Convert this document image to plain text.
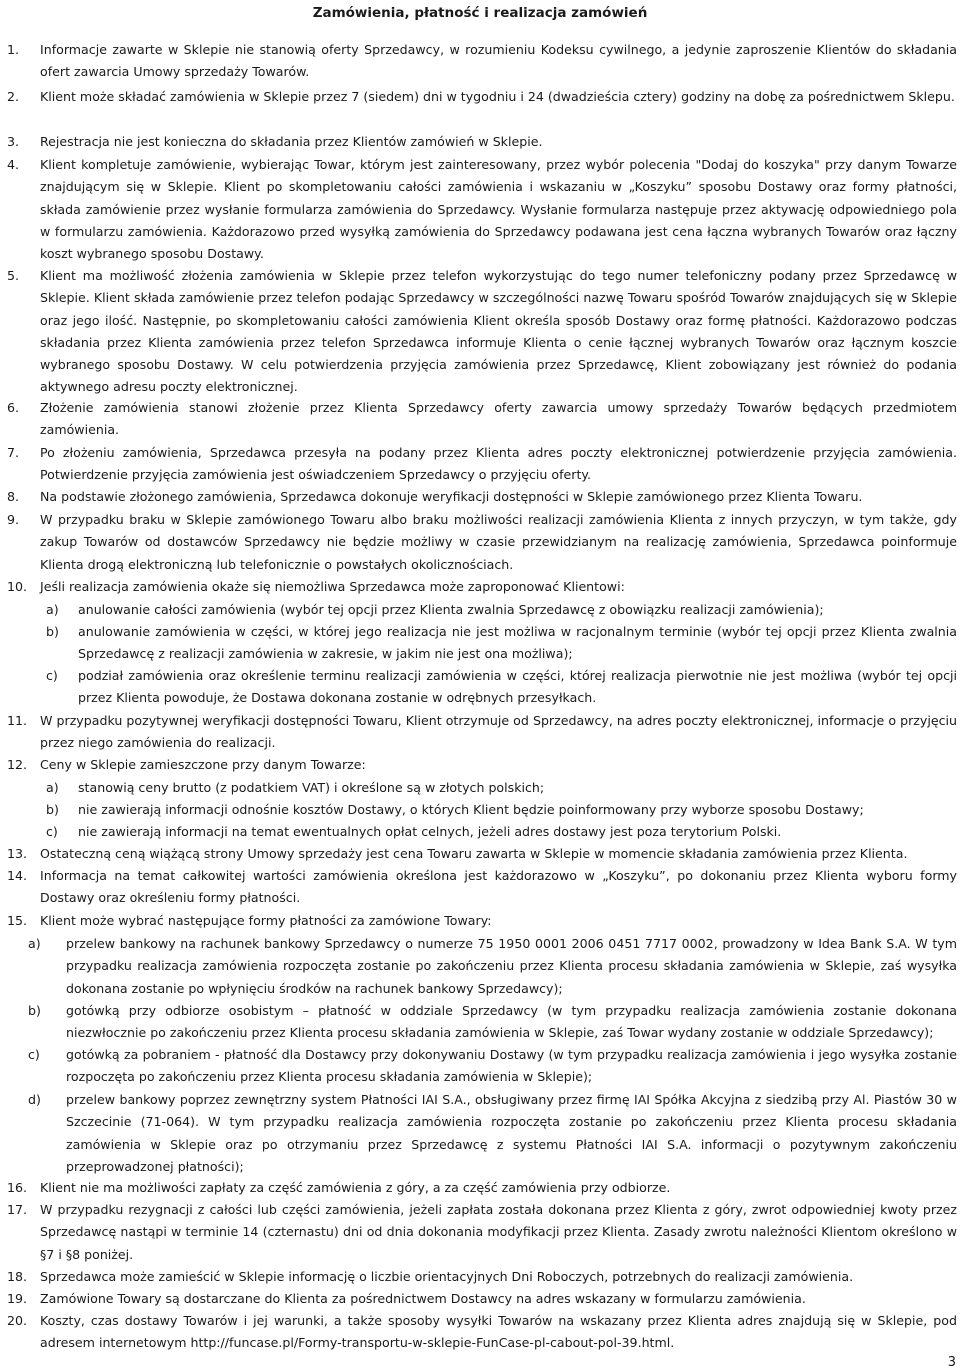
Zamówienia, płatność i realizacja zamówień
1. Informacje zawarte w Sklepie nie stanowią oferty Sprzedawcy, w rozumieniu Kodeksu cywilnego, a jedynie zaproszenie Klientów do składania ofert zawarcia Umowy sprzedaży Towarów.
2. Klient może składać zamówienia w Sklepie przez 7 (siedem) dni w tygodniu i 24 (dwadzieścia cztery) godziny na dobę za pośrednictwem Sklepu.
3. Rejestracja nie jest konieczna do składania przez Klientów zamówień w Sklepie.
4. Klient kompletuje zamówienie, wybierając Towar, którym jest zainteresowany, przez wybór polecenia "Dodaj do koszyka" przy danym Towarze znajdującym się w Sklepie. Klient po skompletowaniu całości zamówienia i wskazaniu w „Koszyku” sposobu Dostawy oraz formy płatności, składa zamówienie przez wysłanie formularza zamówienia do Sprzedawcy. Wysłanie formularza następuje przez aktywację odpowiedniego pola w formularzu zamówienia. Każdorazowo przed wysyłką zamówienia do Sprzedawcy podawana jest cena łączna wybranych Towarów oraz łączny koszt wybranego sposobu Dostawy.
5. Klient ma możliwość złożenia zamówienia w Sklepie przez telefon wykorzystując do tego numer telefoniczny podany przez Sprzedawcę w Sklepie. Klient składa zamówienie przez telefon podając Sprzedawcy w szczególności nazwę Towaru spośród Towarów znajdujących się w Sklepie oraz jego ilość. Następnie, po skompletowaniu całości zamówienia Klient określa sposób Dostawy oraz formę płatności. Każdorazowo podczas składania przez Klienta zamówienia przez telefon Sprzedawca informuje Klienta o cenie łącznej wybranych Towarów oraz łącznym koszcie wybranego sposobu Dostawy. W celu potwierdzenia przyjęcia zamówienia przez Sprzedawcę, Klient zobowiązany jest również do podania aktywnego adresu poczty elektronicznej.
6. Złożenie zamówienia stanowi złożenie przez Klienta Sprzedawcy oferty zawarcia umowy sprzedaży Towarów będących przedmiotem zamówienia.
7. Po złożeniu zamówienia, Sprzedawca przesyła na podany przez Klienta adres poczty elektronicznej potwierdzenie przyjęcia zamówienia. Potwierdzenie przyjęcia zamówienia jest oświadczeniem Sprzedawcy o przyjęciu oferty.
8. Na podstawie złożonego zamówienia, Sprzedawca dokonuje weryfikacji dostępności w Sklepie zamówionego przez Klienta Towaru.
9. W przypadku braku w Sklepie zamówionego Towaru albo braku możliwości realizacji zamówienia Klienta z innych przyczyn, w tym także, gdy zakup Towarów od dostawców Sprzedawcy nie będzie możliwy w czasie przewidzianym na realizację zamówienia, Sprzedawca poinformuje Klienta drogą elektroniczną lub telefonicznie o powstałych okolicznościach.
10. Jeśli realizacja zamówienia okaże się niemożliwa Sprzedawca może zaproponować Klientowi:
a) anulowanie całości zamówienia (wybór tej opcji przez Klienta zwalnia Sprzedawcę z obowiązku realizacji zamówienia);
b) anulowanie zamówienia w części, w której jego realizacja nie jest możliwa w racjonalnym terminie (wybór tej opcji przez Klienta zwalnia Sprzedawcę z realizacji zamówienia w zakresie, w jakim nie jest ona możliwa);
c) podział zamówienia oraz określenie terminu realizacji zamówienia w części, której realizacja pierwotnie nie jest możliwa (wybór tej opcji przez Klienta powoduje, że Dostawa dokonana zostanie w odrębnych przesyłkach.
11. W przypadku pozytywnej weryfikacji dostępności Towaru, Klient otrzymuje od Sprzedawcy, na adres poczty elektronicznej, informacje o przyjęciu przez niego zamówienia do realizacji.
12. Ceny w Sklepie zamieszczone przy danym Towarze:
a) stanowią ceny brutto (z podatkiem VAT) i określone są w złotych polskich;
b) nie zawierają informacji odnośnie kosztów Dostawy, o których Klient będzie poinformowany przy wyborze sposobu Dostawy;
c) nie zawierają informacji na temat ewentualnych opłat celnych, jeżeli adres dostawy jest poza terytorium Polski.
13. Ostateczną ceną wiążącą strony Umowy sprzedaży jest cena Towaru zawarta w Sklepie w momencie składania zamówienia przez Klienta.
14. Informacja na temat całkowitej wartości zamówienia określona jest każdorazowo w „Koszyku”, po dokonaniu przez Klienta wyboru formy Dostawy oraz określeniu formy płatności.
15. Klient może wybrać następujące formy płatności za zamówione Towary:
a) przelew bankowy na rachunek bankowy Sprzedawcy o numerze 75 1950 0001 2006 0451 7717 0002, prowadzony w Idea Bank S.A. W tym przypadku realizacja zamówienia rozpoczęta zostanie po zakończeniu przez Klienta procesu składania zamówienia w Sklepie, zaś wysyłka dokonana zostanie po wpłynięciu środków na rachunek bankowy Sprzedawcy);
b) gotówką przy odbiorze osobistym – płatność w oddziale Sprzedawcy (w tym przypadku realizacja zamówienia zostanie dokonana niezwłocznie po zakończeniu przez Klienta procesu składania zamówienia w Sklepie, zaś Towar wydany zostanie w oddziale Sprzedawcy);
c) gotówką za pobraniem - płatność dla Dostawcy przy dokonywaniu Dostawy (w tym przypadku realizacja zamówienia i jego wysyłka zostanie rozpoczęta po zakończeniu przez Klienta procesu składania zamówienia w Sklepie);
d) przelew bankowy poprzez zewnętrzny system Płatności IAI S.A., obsługiwany przez firmę IAI Spółka Akcyjna z siedzibą przy Al. Piastów 30 w Szczecinie (71-064). W tym przypadku realizacja zamówienia rozpoczęta zostanie po zakończeniu przez Klienta procesu składania zamówienia w Sklepie oraz po otrzymaniu przez Sprzedawcę z systemu Płatności IAI S.A. informacji o pozytywnym zakończeniu przeprowadzonej płatności);
16. Klient nie ma możliwości zapłaty za część zamówienia z góry, a za część zamówienia przy odbiorze.
17. W przypadku rezygnacji z całości lub części zamówienia, jeżeli zapłata została dokonana przez Klienta z góry, zwrot odpowiedniej kwoty przez Sprzedawcę nastąpi w terminie 14 (czternastu) dni od dnia dokonania modyfikacji przez Klienta. Zasady zwrotu należności Klientom określono w §7 i §8 poniżej.
18. Sprzedawca może zamieścić w Sklepie informację o liczbie orientacyjnych Dni Roboczych, potrzebnych do realizacji zamówienia.
19. Zamówione Towary są dostarczane do Klienta za pośrednictwem Dostawcy na adres wskazany w formularzu zamówienia.
20. Koszty, czas dostawy Towarów i jej warunki, a także sposoby wysyłki Towarów na wskazany przez Klienta adres znajdują się w Sklepie, pod adresem internetowym http://funcase.pl/Formy-transportu-w-sklepie-FunCase-pl-cabout-pol-39.html.
3
